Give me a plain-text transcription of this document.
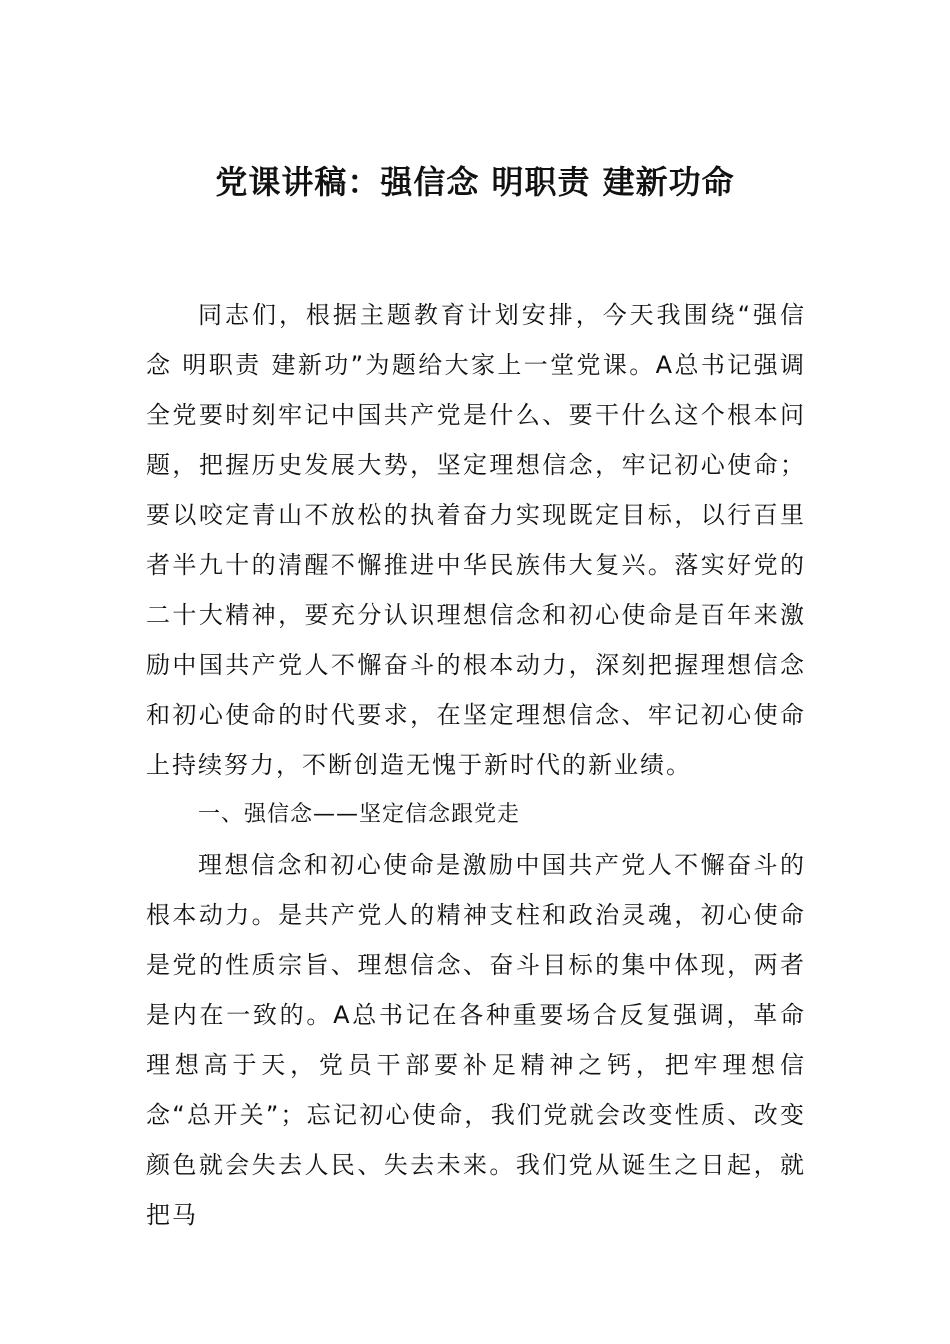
党课讲稿：强信念 明职责 建新功命

同志们，根据主题教育计划安排，今天我围绕“强信念 明职责 建新功”为题给大家上一堂党课。A总书记强调全党要时刻牢记中国共产党是什么、要干什么这个根本问题，把握历史发展大势，坚定理想信念，牢记初心使命；要以咬定青山不放松的执着奋力实现既定目标，以行百里者半九十的清醒不懈推进中华民族伟大复兴。落实好党的二十大精神，要充分认识理想信念和初心使命是百年来激励中国共产党人不懈奋斗的根本动力，深刻把握理想信念和初心使命的时代要求，在坚定理想信念、牢记初心使命上持续努力，不断创造无愧于新时代的新业绩。

一、强信念——坚定信念跟党走

理想信念和初心使命是激励中国共产党人不懈奋斗的根本动力。是共产党人的精神支柱和政治灵魂，初心使命是党的性质宗旨、理想信念、奋斗目标的集中体现，两者是内在一致的。A总书记在各种重要场合反复强调，革命理想高于天，党员干部要补足精神之钙，把牢理想信念“总开关”；忘记初心使命，我们党就会改变性质、改变颜色就会失去人民、失去未来。我们党从诞生之日起，就把马
